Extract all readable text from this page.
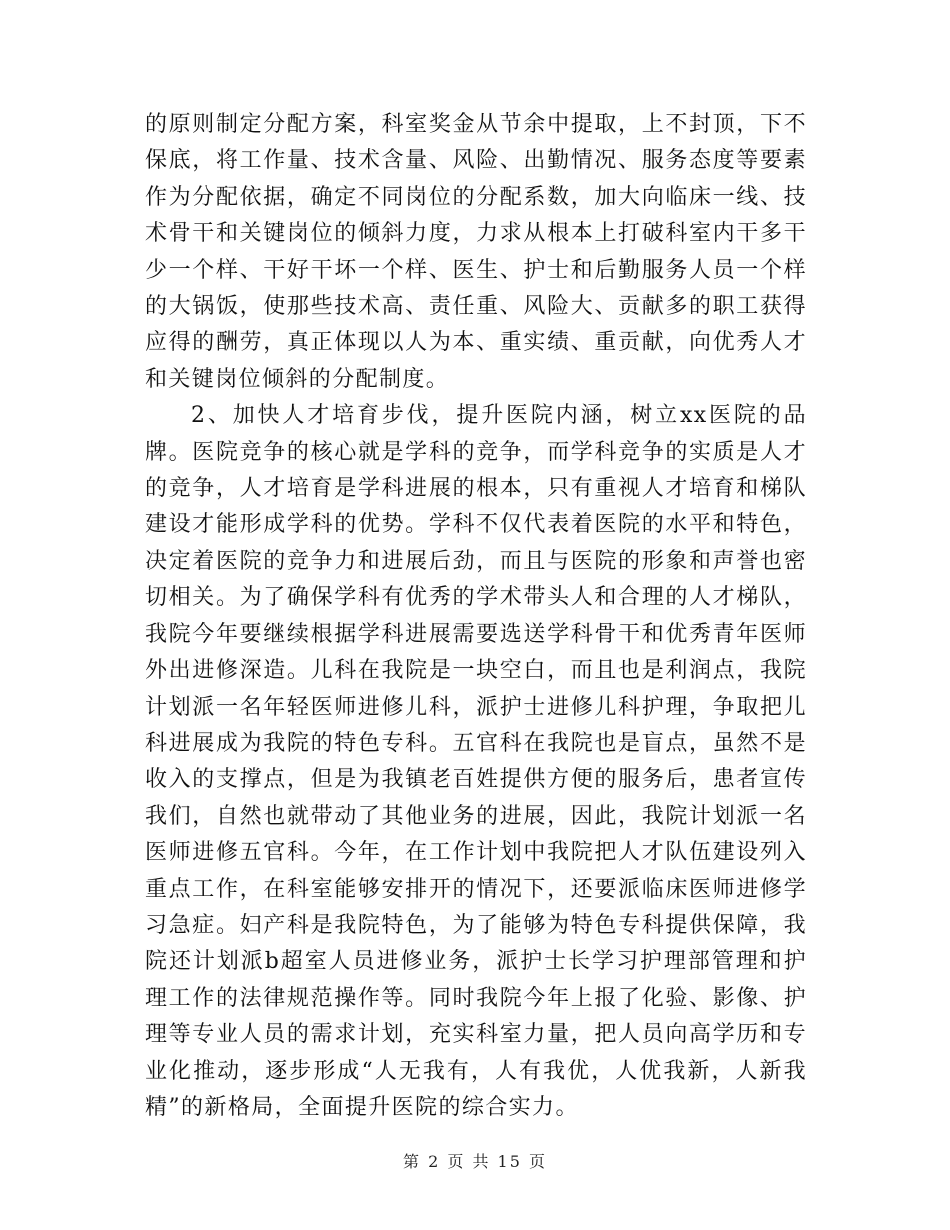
的原则制定分配方案，科室奖金从节余中提取，上不封顶，下不保底，将工作量、技术含量、风险、出勤情况、服务态度等要素作为分配依据，确定不同岗位的分配系数，加大向临床一线、技术骨干和关键岗位的倾斜力度，力求从根本上打破科室内干多干少一个样、干好干坏一个样、医生、护士和后勤服务人员一个样的大锅饭，使那些技术高、责任重、风险大、贡献多的职工获得应得的酬劳，真正体现以人为本、重实绩、重贡献，向优秀人才和关键岗位倾斜的分配制度。

2、加快人才培育步伐，提升医院内涵，树立xx医院的品牌。医院竞争的核心就是学科的竞争，而学科竞争的实质是人才的竞争，人才培育是学科进展的根本，只有重视人才培育和梯队建设才能形成学科的优势。学科不仅代表着医院的水平和特色，决定着医院的竞争力和进展后劲，而且与医院的形象和声誉也密切相关。为了确保学科有优秀的学术带头人和合理的人才梯队，我院今年要继续根据学科进展需要选送学科骨干和优秀青年医师外出进修深造。儿科在我院是一块空白，而且也是利润点，我院计划派一名年轻医师进修儿科，派护士进修儿科护理，争取把儿科进展成为我院的特色专科。五官科在我院也是盲点，虽然不是收入的支撑点，但是为我镇老百姓提供方便的服务后，患者宣传我们，自然也就带动了其他业务的进展，因此，我院计划派一名医师进修五官科。今年，在工作计划中我院把人才队伍建设列入重点工作，在科室能够安排开的情况下，还要派临床医师进修学习急症。妇产科是我院特色，为了能够为特色专科提供保障，我院还计划派b超室人员进修业务，派护士长学习护理部管理和护理工作的法律规范操作等。同时我院今年上报了化验、影像、护理等专业人员的需求计划，充实科室力量，把人员向高学历和专业化推动，逐步形成“人无我有，人有我优，人优我新，人新我精”的新格局，全面提升医院的综合实力。

第 2 页 共 15 页
